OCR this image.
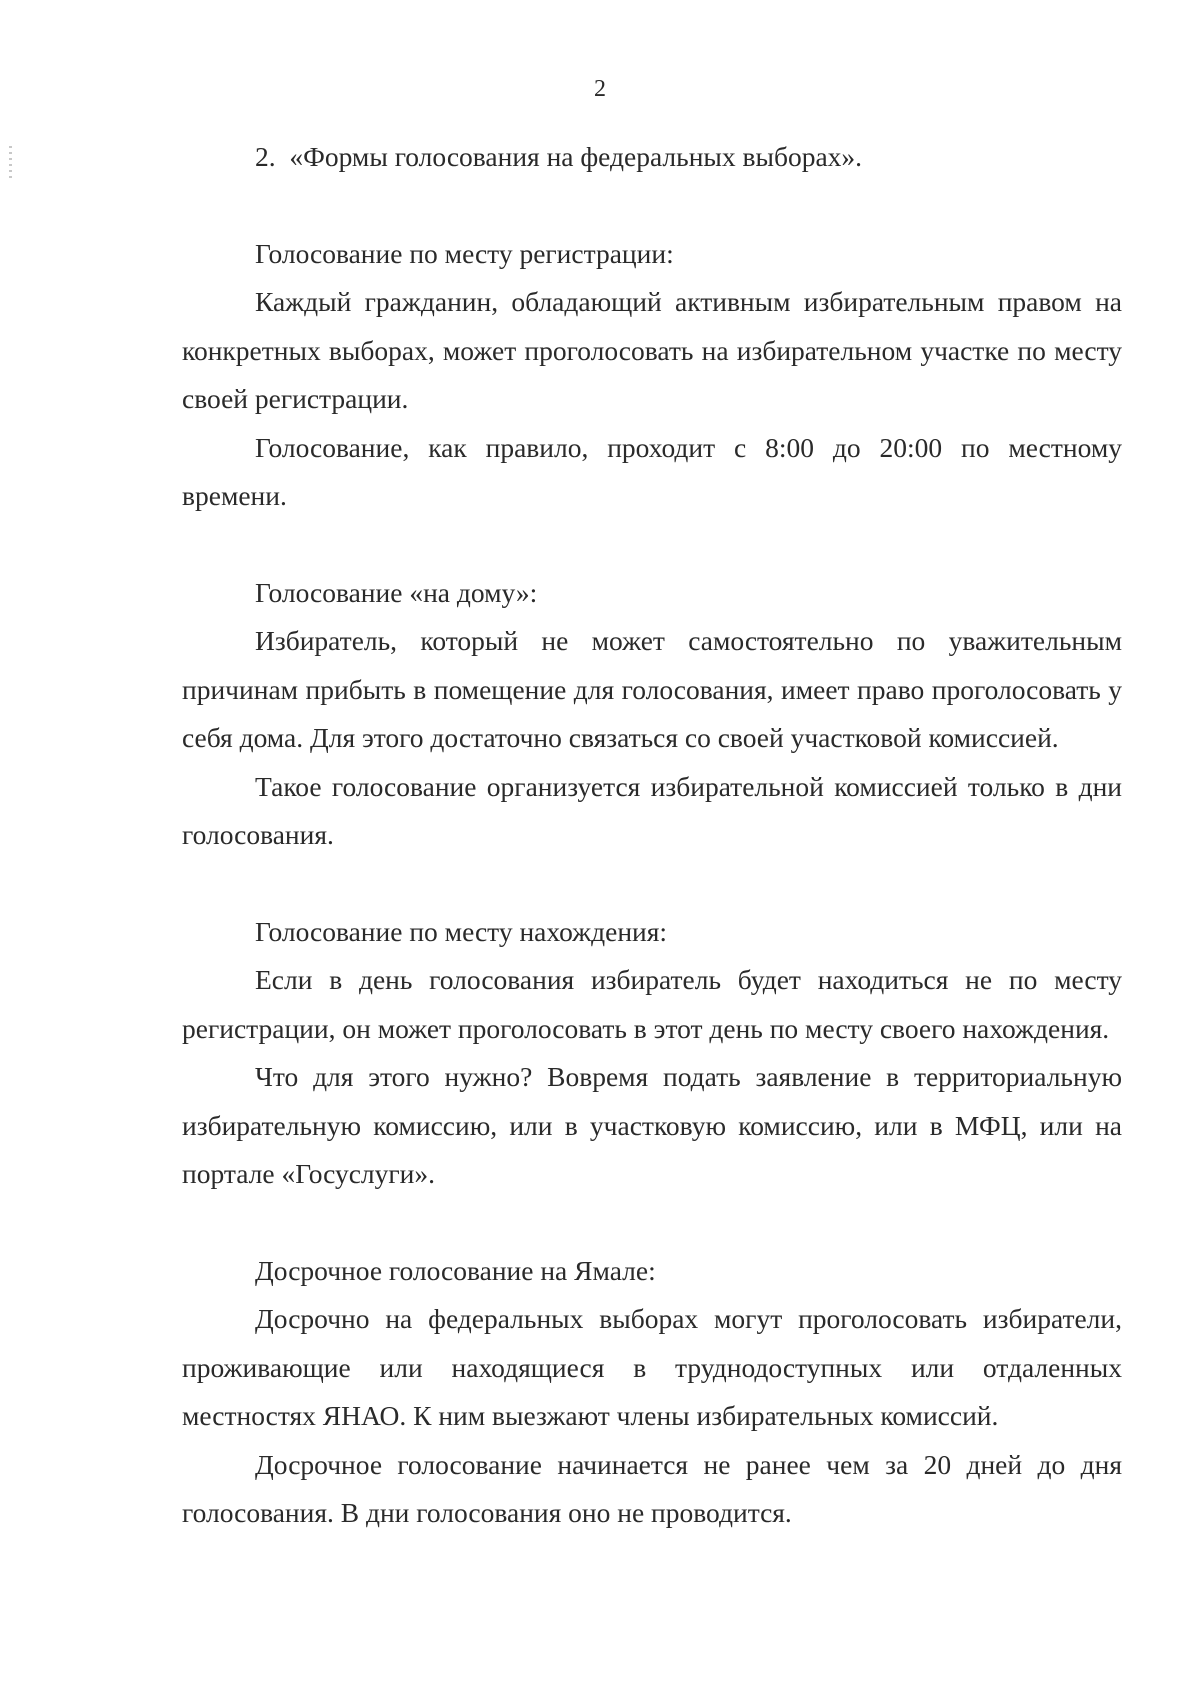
2

2.  «Формы голосования на федеральных выборах».

Голосование по месту регистрации:

Каждый гражданин, обладающий активным избирательным правом на конкретных выборах, может проголосовать на избирательном участке по месту своей регистрации.

Голосование, как правило, проходит с 8:00 до 20:00 по местному времени.

Голосование «на дому»:

Избиратель, который не может самостоятельно по уважительным причинам прибыть в помещение для голосования, имеет право проголосовать у себя дома. Для этого достаточно связаться со своей участковой комиссией.

Такое голосование организуется избирательной комиссией только в дни голосования.

Голосование по месту нахождения:

Если в день голосования избиратель будет находиться не по месту регистрации, он может проголосовать в этот день по месту своего нахождения.

Что для этого нужно? Вовремя подать заявление в территориальную избирательную комиссию, или в участковую комиссию, или в МФЦ, или на портале «Госуслуги».

Досрочное голосование на Ямале:

Досрочно на федеральных выборах могут проголосовать избиратели, проживающие или находящиеся в труднодоступных или отдаленных местностях ЯНАО. К ним выезжают члены избирательных комиссий.

Досрочное голосование начинается не ранее чем за 20 дней до дня голосования. В дни голосования оно не проводится.
